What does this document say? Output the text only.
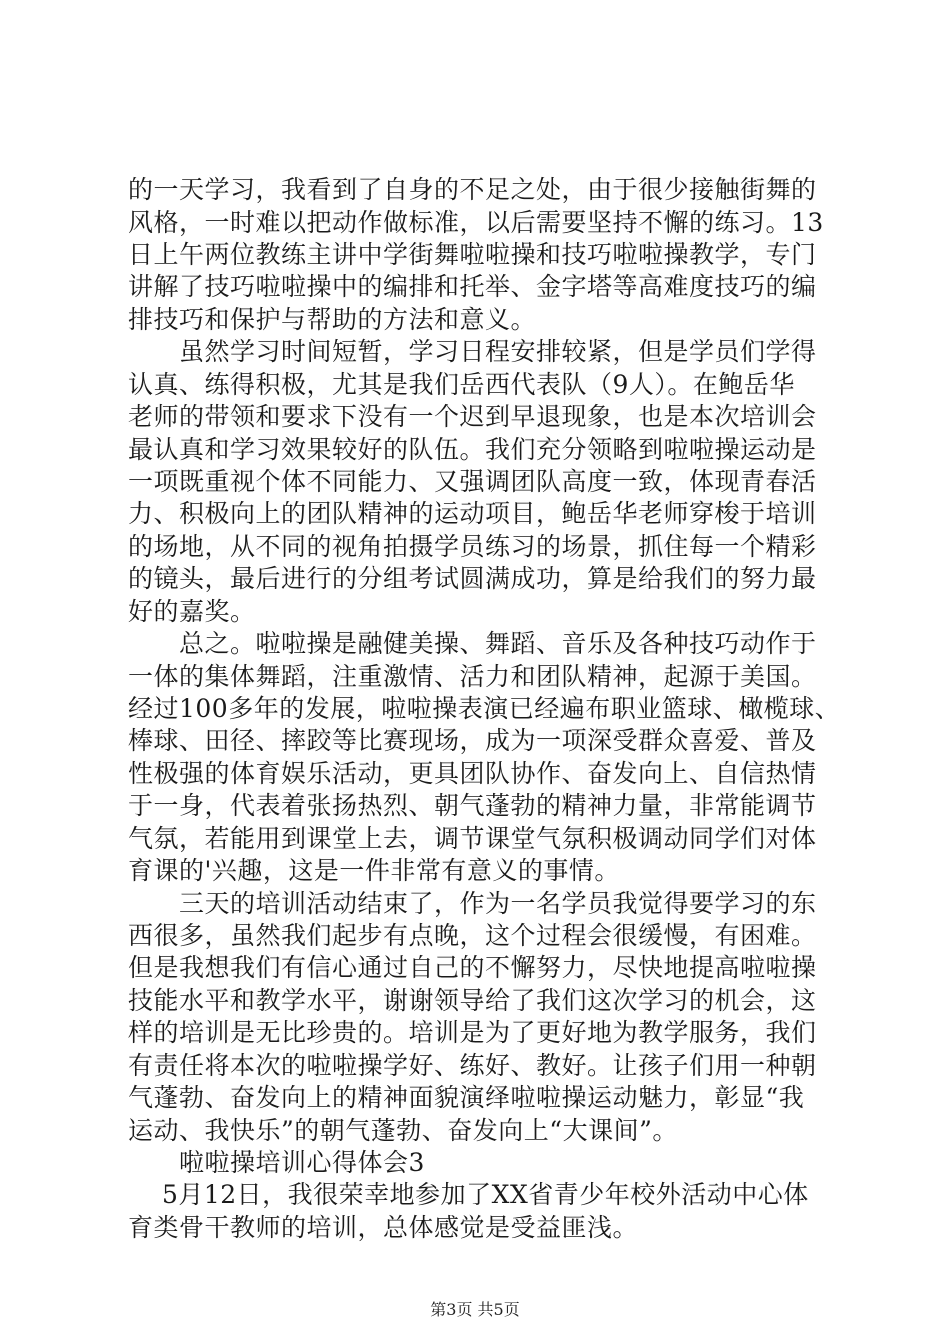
的一天学习，我看到了自身的不足之处，由于很少接触街舞的
风格，一时难以把动作做标准，以后需要坚持不懈的练习。13
日上午两位教练主讲中学街舞啦啦操和技巧啦啦操教学，专门
讲解了技巧啦啦操中的编排和托举、金字塔等高难度技巧的编
排技巧和保护与帮助的方法和意义。
　　虽然学习时间短暂，学习日程安排较紧，但是学员们学得
认真、练得积极，尤其是我们岳西代表队（9人）。在鲍岳华
老师的带领和要求下没有一个迟到早退现象，也是本次培训会
最认真和学习效果较好的队伍。我们充分领略到啦啦操运动是
一项既重视个体不同能力、又强调团队高度一致，体现青春活
力、积极向上的团队精神的运动项目，鲍岳华老师穿梭于培训
的场地，从不同的视角拍摄学员练习的场景，抓住每一个精彩
的镜头，最后进行的分组考试圆满成功，算是给我们的努力最
好的嘉奖。
　　总之。啦啦操是融健美操、舞蹈、音乐及各种技巧动作于
一体的集体舞蹈，注重激情、活力和团队精神，起源于美国。
经过100多年的发展，啦啦操表演已经遍布职业篮球、橄榄球、
棒球、田径、摔跤等比赛现场，成为一项深受群众喜爱、普及
性极强的体育娱乐活动，更具团队协作、奋发向上、自信热情
于一身，代表着张扬热烈、朝气蓬勃的精神力量，非常能调节
气氛，若能用到课堂上去，调节课堂气氛积极调动同学们对体
育课的'兴趣，这是一件非常有意义的事情。
　　三天的培训活动结束了，作为一名学员我觉得要学习的东
西很多，虽然我们起步有点晚，这个过程会很缓慢，有困难。
但是我想我们有信心通过自己的不懈努力，尽快地提高啦啦操
技能水平和教学水平，谢谢领导给了我们这次学习的机会，这
样的培训是无比珍贵的。培训是为了更好地为教学服务，我们
有责任将本次的啦啦操学好、练好、教好。让孩子们用一种朝
气蓬勃、奋发向上的精神面貌演绎啦啦操运动魅力，彰显“我
运动、我快乐”的朝气蓬勃、奋发向上“大课间”。
　　啦啦操培训心得体会3
　 5月12日，我很荣幸地参加了XX省青少年校外活动中心体
育类骨干教师的培训，总体感觉是受益匪浅。
第3页 共5页
